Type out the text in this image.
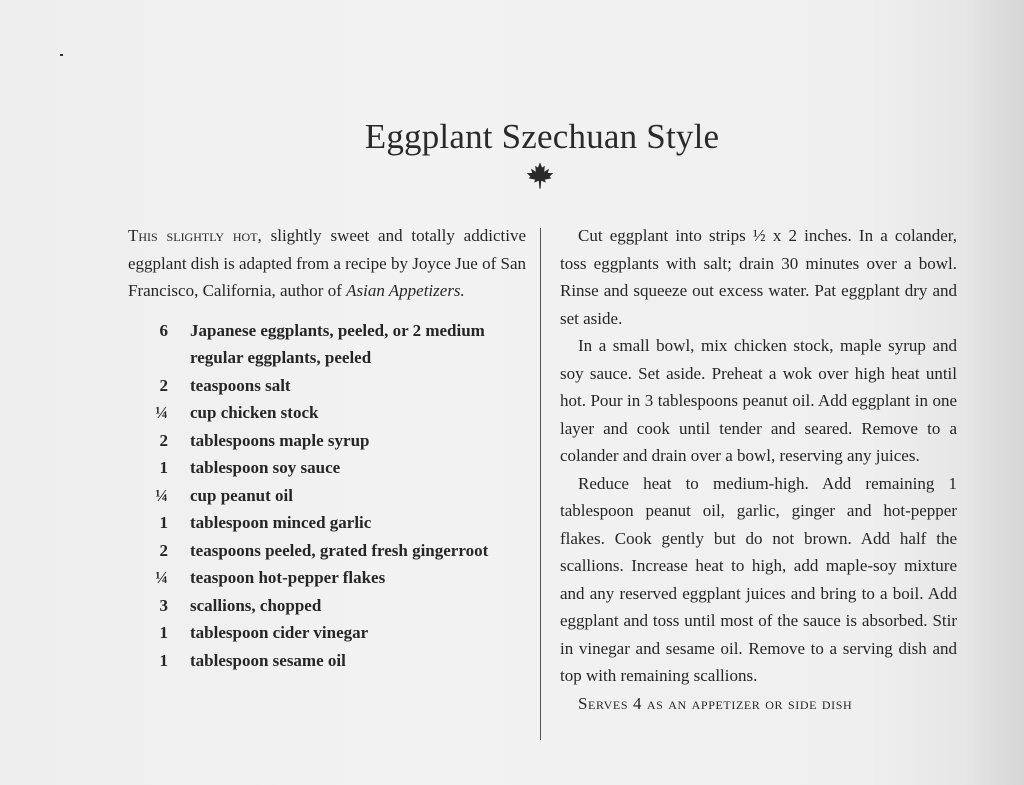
Eggplant Szechuan Style

This slightly hot, slightly sweet and totally addictive eggplant dish is adapted from a recipe by Joyce Jue of San Francisco, California, author of Asian Appetizers.

6	Japanese eggplants, peeled, or 2 medium regular eggplants, peeled
2	teaspoons salt
¼	cup chicken stock
2	tablespoons maple syrup
1	tablespoon soy sauce
¼	cup peanut oil
1	tablespoon minced garlic
2	teaspoons peeled, grated fresh gingerroot
¼	teaspoon hot-pepper flakes
3	scallions, chopped
1	tablespoon cider vinegar
1	tablespoon sesame oil

Cut eggplant into strips ½ x 2 inches. In a colander, toss eggplants with salt; drain 30 minutes over a bowl. Rinse and squeeze out excess water. Pat eggplant dry and set aside.

In a small bowl, mix chicken stock, maple syrup and soy sauce. Set aside. Preheat a wok over high heat until hot. Pour in 3 tablespoons peanut oil. Add eggplant in one layer and cook until tender and seared. Remove to a colander and drain over a bowl, reserving any juices.

Reduce heat to medium-high. Add remaining 1 tablespoon peanut oil, garlic, ginger and hot-pepper flakes. Cook gently but do not brown. Add half the scallions. Increase heat to high, add maple-soy mixture and any reserved eggplant juices and bring to a boil. Add eggplant and toss until most of the sauce is absorbed. Stir in vinegar and sesame oil. Remove to a serving dish and top with remaining scallions.

Serves 4 as an appetizer or side dish
